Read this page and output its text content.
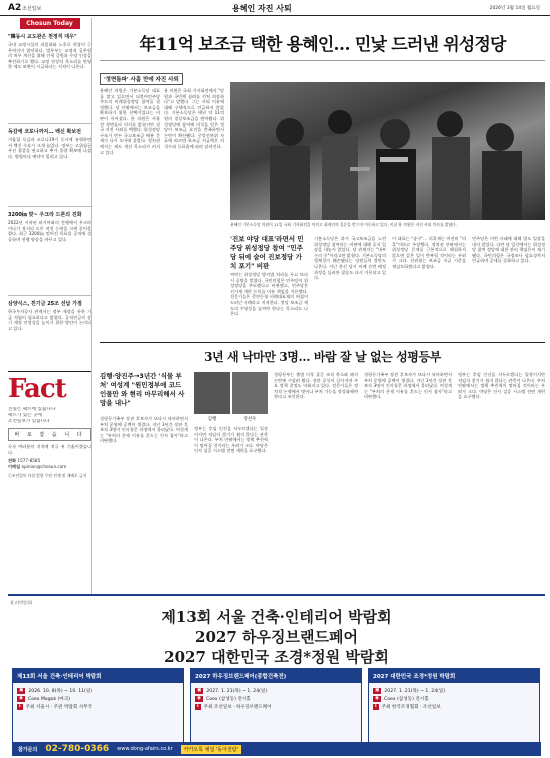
A2 조선일보	용혜인 자진 사퇴	2026년 3월 14일 월요일
Chosun Today
"韓동시 교도관은 천정직 대우"
국내 교정시설의 과밀화와 노후로 현장의 근무여건이 열악하다. 법무부는 교정직 공무원의 처우 개선을 위해 인력 증원과 수당 인상을 추진하기로 했다. 교정 현장의 목소리를 반영한 제도 보완이 시급하다는 지적이 나온다.
독감에 코로나까지… 백신 확보전
겨울철 독감과 코로나19가 동시에 유행하면서 백신 수요가 크게 늘었다. 정부는 고위험군 우선 접종을 권고하고 추가 물량 확보에 나섰다. 병원마다 예약이 밀리고 있다.
3200㎞ 맞~ 우크라 드론의 진화
2022년 시작된 러시아와의 전쟁에서 우크라이나가 장거리 드론 작전 능력을 크게 끌어올렸다. 최근 3200㎞ 떨어진 목표물 공격에 성공하며 전쟁 양상을 바꾸고 있다.
삼양식스, 친기금 25조 선납 가점
한국투자공사 관계자는 정부 재정을 통한 기금 적립이 필요하다고 밝혔다. 공적연금의 장기 재정 안정성을 높이기 위한 방안이 논의되고 있다.
Fact
진실은 팩트에 있습니다
팩트가 있는 곳에
조선일보가 있습니다
바 로 잡 습 니 다
독자 여러분의 지적에 적극 귀 기울이겠습니다.
전화 1577-8585
이메일 opinion@chosun.com
ⓒ조선일보 사설·칼럼 무단 전재 및 재배포 금지
年11억 보조금 택한 용혜인… 민낯 드러낸 위성정당
'정면돌파' 사흘 만에 자진 사퇴
용혜인 의원은 기본소득당 대표를 맡고 있으면서 더불어민주당 주도의 비례위성정당 참여를 결정했다. 당 안팎에서는 보조금을 확보하기 위한 선택이었다는 비판이 이어졌다. 용 의원은 사흘 전 정면돌파 의지를 밝혔지만 결국 자진 사퇴를 택했다. 위성정당 구조가 만든 국고보조금 배분 문제가 다시 도마에 올랐다. 정치권에서는 제도 개선 목소리가 커지고 있다.
용 의원은 국회 기자회견에서 "당원과 국민께 심려를 끼쳐 죄송하다"고 말했다. 그는 사퇴 이유에 대해 구체적으로 언급하지 않았다. 기본소득당은 매년 약 11억원의 경상보조금을 받아왔다. 위성정당에 참여해 의석을 얻은 정당이 보조금 요건을 충족하면서 논란이 확산됐다. 중앙선관위 자료에 따르면 보조금 지급액은 의석수와 득표율에 따라 달라진다.
용혜인 기본소득당 의원이 11일 국회 기자회견을 마치고 취재진의 질문을 받으며 이동하고 있다. 이날 용 의원은 자진 사퇴 의사를 밝혔다.
'진보 야당 대표'라면서 민주당 위성정당 참여 "민주당 뒤에 숨어 진보정당 가치 포기" 비판
여야는 위성정당 방지법 처리를 두고 또다시 공방을 벌였다. 국민의힘은 민주당이 위성정당을 주도했다고 비판했고, 민주당은 선거제 개편 논의를 미룬 책임을 거론했다. 전문가들은 준연동형 비례대표제의 허점이 드러난 사례라고 지적한다. 정당 보조금 제도의 투명성을 높여야 한다는 목소리도 나온다.
기본소득당은 과거 국고보조금을 노린 위성정당 참여라는 비판에 대해 공식 입장을 내놓지 않았다. 당 관계자는 "내부 논의 중"이라고만 밝혔다. 기본소득당의 정체성이 훼손됐다는 당원들의 불만도 나온다. 지난 총선 당시 비례 순번 배정 과정을 둘러싼 잡음도 다시 거론되고 있다.
이 대표는 "송구"… 의혹제는 여전히 "의혹"이라고 주장했다. 정치권 안팎에서는 위성정당 문제를 근본적으로 해결하지 않으면 같은 일이 반복될 것이라는 우려가 크다. 선관위는 보조금 지급 기준을 재검토하겠다고 밝혔다.
민주당은 이번 사태에 대해 별도 입장을 내지 않았다. 다만 당 일각에서는 위성정당 참여 정당에 대한 관리 책임론이 제기됐다. 국민의힘은 국정조사 필요성까지 언급하며 공세를 강화하고 있다.
3년 새 낙마만 3명… 바람 잘 날 없는 성평등부
김행·양진주→3년간 '식물 부처' 여성계 "원민정부에 코드 인물만 와 현리 마무리해서 사망을 내나"
성평등가족부 장관 후보자가 또다시 낙마하면서 부처 운영에 공백이 생겼다. 지난 3년간 장관 후보자 3명이 인사청문 과정에서 물러났다. 여성계는 "부처의 존재 이유를 흔드는 인사 참사"라고 비판했다.
김행	강선우
정부는 후임 인선을 서두르겠다는 입장이지만 적임자 찾기가 쉽지 않다는 관측이 나온다. 부처 안팎에서는 정책 추진력이 떨어질 것이라는 우려가 크다. 야당은 인사 검증 시스템 전면 개편을 요구했다.
성평등부는 출범 이후 줄곧 조직 축소와 폐지 논란에 시달려 왔다. 장관 공석이 길어지며 주요 정책 결정도 미뤄지고 있다. 전문가들은 정치적 논쟁에서 벗어나 부처 기능을 정상화해야 한다고 조언한다.
성평등가족부 장관 후보자가 또다시 낙마하면서 부처 운영에 공백이 생겼다. 지난 3년간 장관 후보자 3명이 인사청문 과정에서 물러났다. 여성계는 "부처의 존재 이유를 흔드는 인사 참사"라고 비판했다.
정부는 후임 인선을 서두르겠다는 입장이지만 적임자 찾기가 쉽지 않다는 관측이 나온다. 부처 안팎에서는 정책 추진력이 떨어질 것이라는 우려가 크다. 야당은 인사 검증 시스템 전면 개편을 요구했다.
광고(박람회)
제13회 서울 건축·인테리어 박람회
2027 하우징브랜드페어
2027 대한민국 조경*정원 박람회
제13회 서울 건축·인테리어 박람회
▣	2026. 10. 8(목) ~ 10. 11(일)
◉	Coex Magok (마곡)
i	주최 서울시 · 주관 박람회 사무국
2027 하우징브랜드페어(종합건축전)
▣	2027. 1. 21(목) ~ 1. 24(일)
◉	Coex (삼성동) 전시홀
i	주최 조선일보 · 하우징브랜드페어
2027 대한민국 조경*정원 박람회
▣	2027. 1. 21(목) ~ 1. 24(일)
◉	Coex (삼성동) 전시홀
i	주최 한국조경협회 · 조선일보
참가문의 02-780-0366 www.dong-afairs.co.kr	카카오톡 채널 '동아전람'
